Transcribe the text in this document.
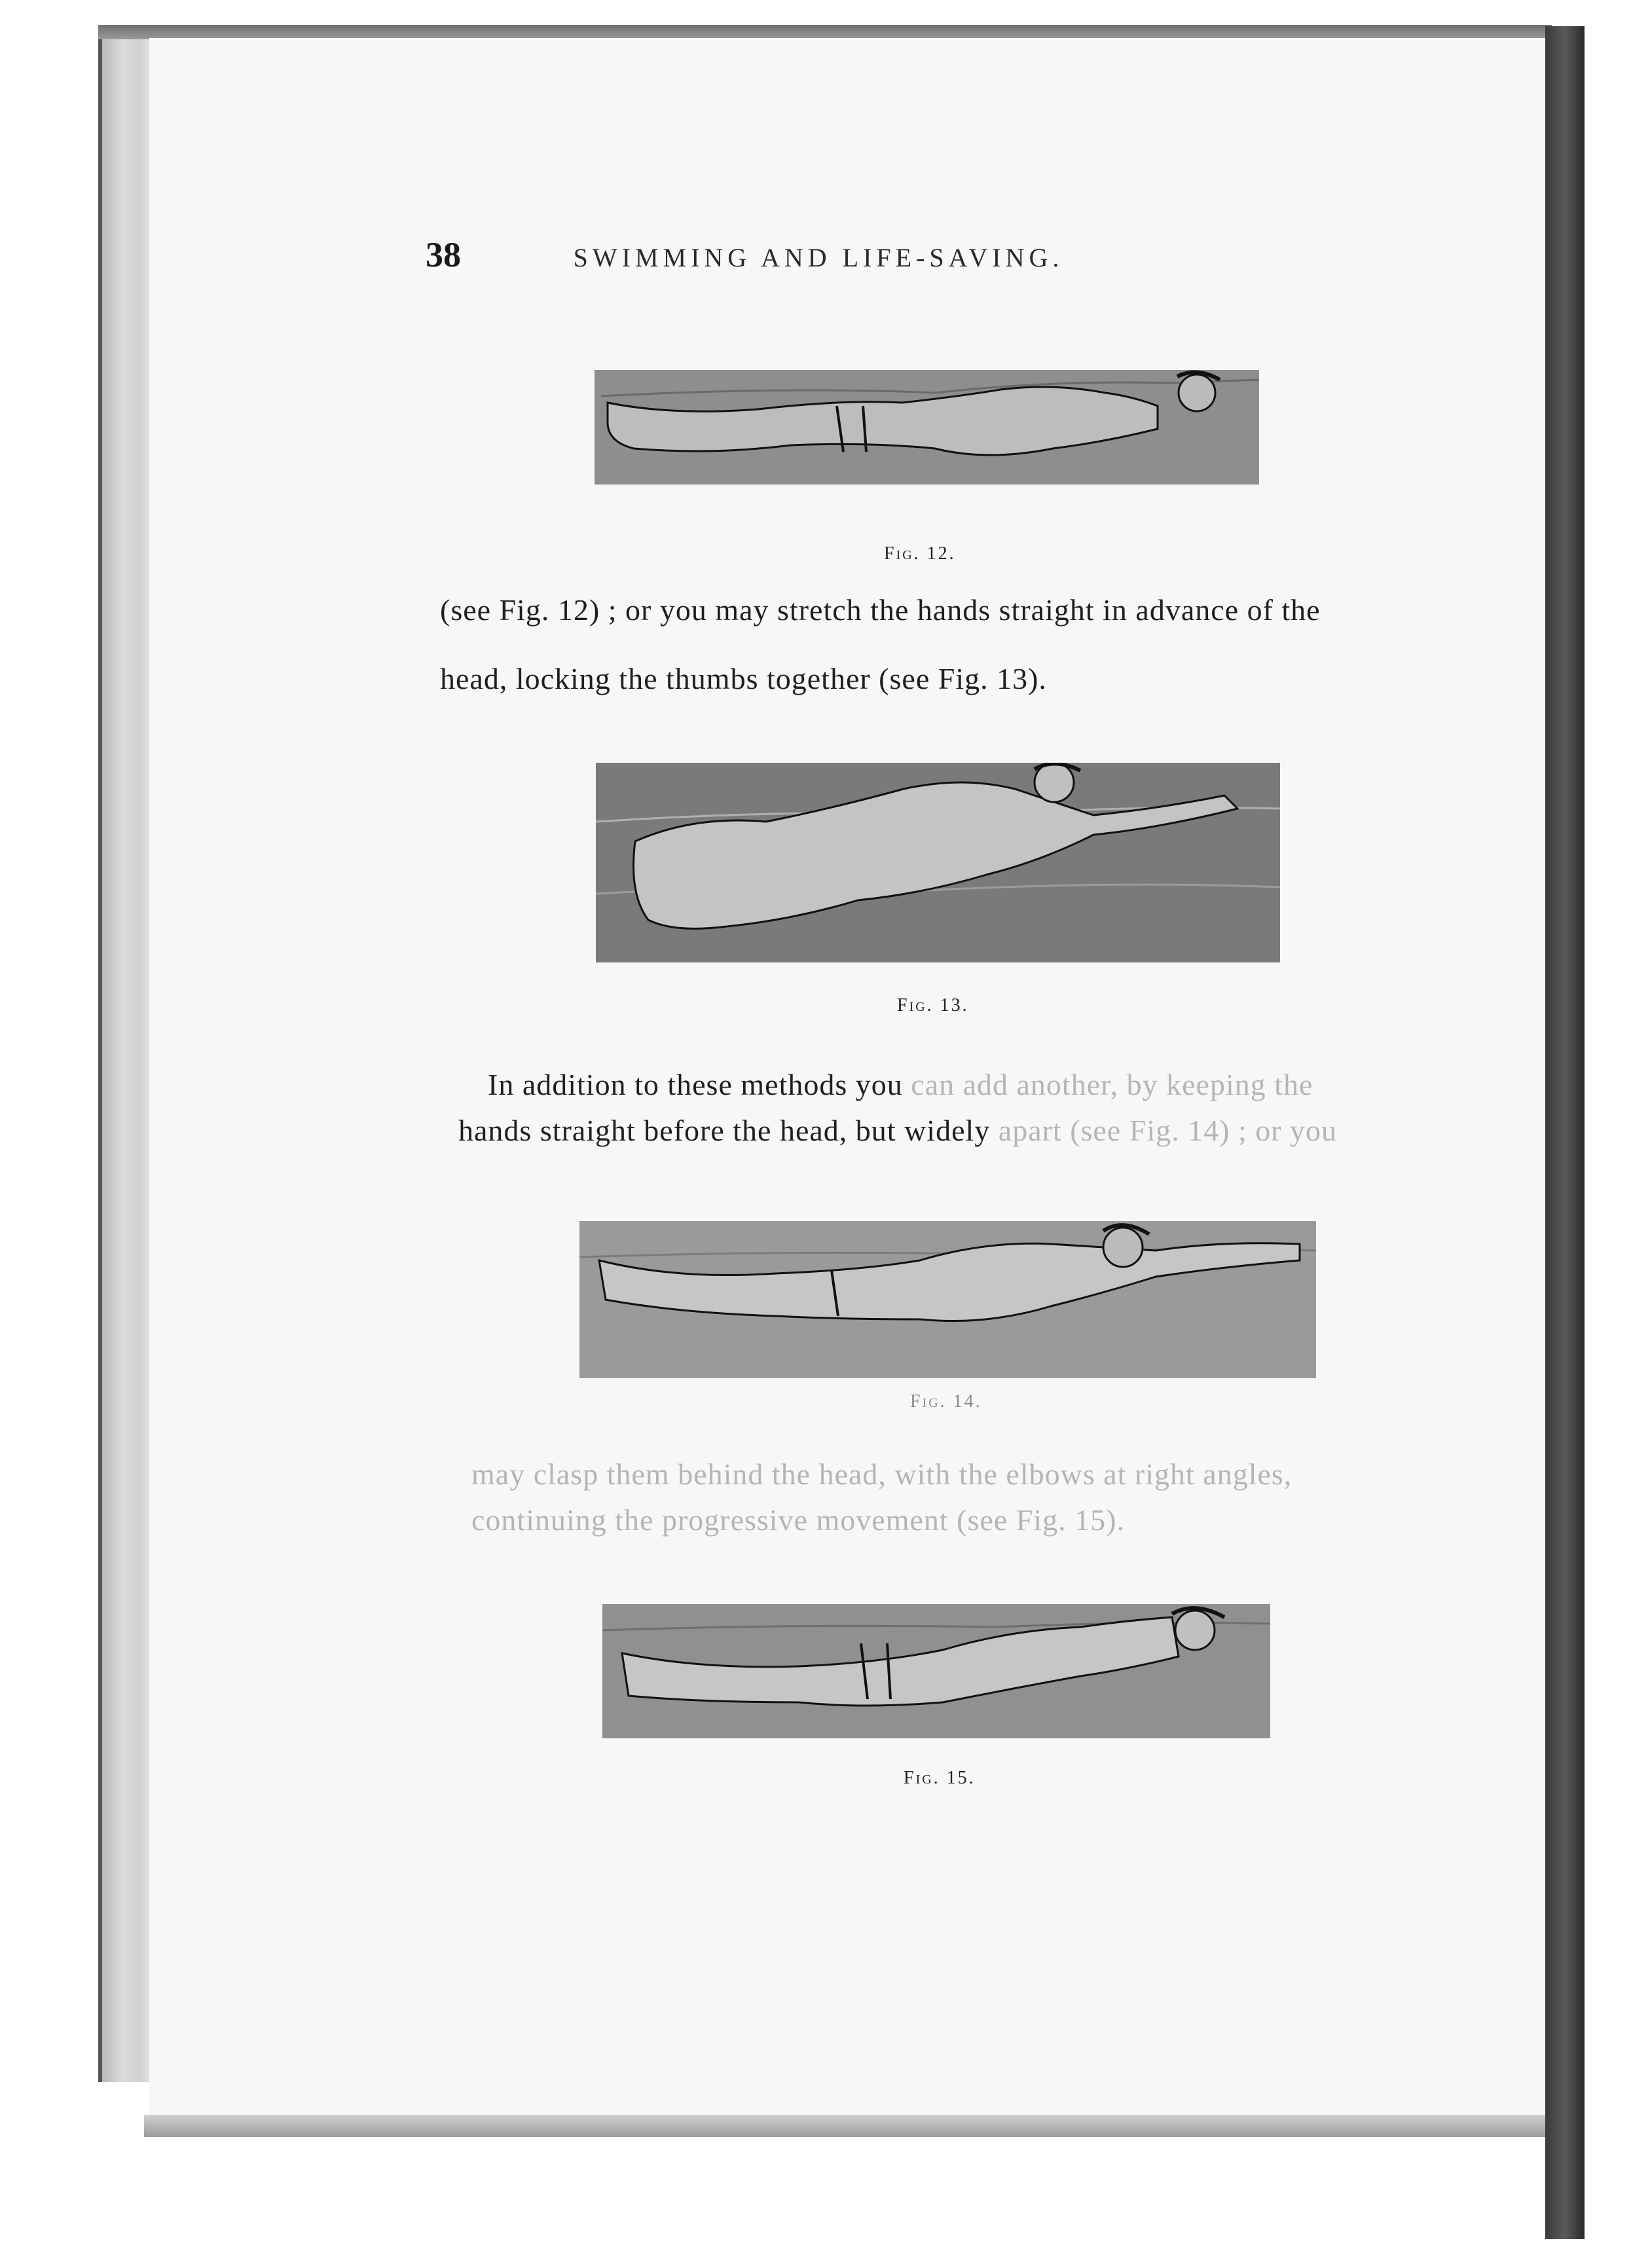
38	SWIMMING AND LIFE-SAVING.
Fig. 12.
(see Fig. 12) ; or you may stretch the hands straight in advance of the
head, locking the thumbs together (see Fig. 13).
Fig. 13.
In addition to these methods you can add another, by keeping the
hands straight before the head, but widely apart (see Fig. 14) ; or you
Fig. 14.
may clasp them behind the head, with the elbows at right angles,
continuing the progressive movement (see Fig. 15).
Fig. 15.
